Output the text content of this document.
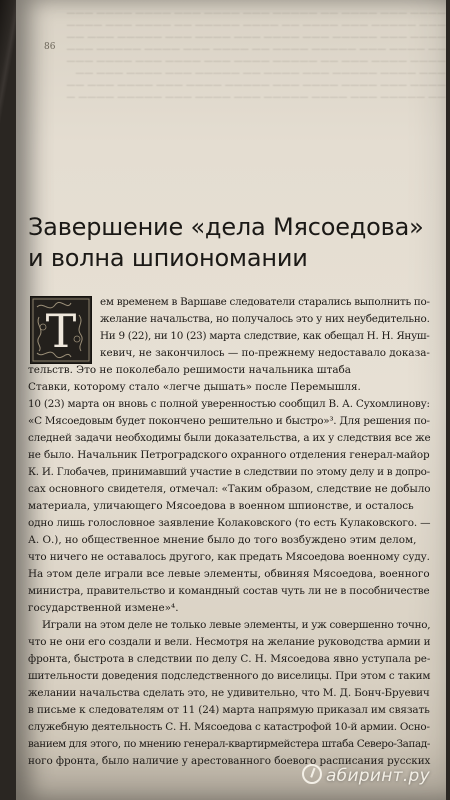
———— ——— ———— —— ————— ——— ———— ——— ———— ———— ———
——— ————— ——— ———— —— ———— ————— —— ———— ——— ————
———— ——— ————— ——— ———— ——— ———— ——— ————— ——— ——
—— ———— ——— ————— ———— —— ———— ——— ———— ————— ———
———— ———— ——— —— ————— ———— ——— ———— ——— ———— ———
——— ———— ————— ——— ———— —— ————— ——— ———— ——— ——
———— ——— ———— ———— ——— ————— ———— ——— ———— ——— ——
—— ————— ——— ———— ————— ——— ———— ——— ————— ———— —
86
Завершение «дела Мясоедова»
и волна шпиономании
Т
ем временем в Варшаве следователи старались выполнить по-
желание начальства, но получалось это у них неубедительно.
Ни 9 (22), ни 10 (23) марта следствие, как обещал Н. Н. Януш-
кевич, не закончилось — по-прежнему недоставало доказа-
тельств. Это не поколебало решимости начальника штаба
Ставки, которому стало «легче дышать» после Перемышля.
10 (23) марта он вновь с полной уверенностью сообщил В. А. Сухомлинову:
«С Мясоедовым будет покончено решительно и быстро»³. Для решения по-
следней задачи необходимы были доказательства, а их у следствия все же
не было. Начальник Петроградского охранного отделения генерал-майор
К. И. Глобачев, принимавший участие в следствии по этому делу и в допро-
сах основного свидетеля, отмечал: «Таким образом, следствие не добыло
материала, уличающего Мясоедова в военном шпионстве, и осталось
одно лишь голословное заявление Колаковского (то есть Кулаковского. —
А. О.), но общественное мнение было до того возбуждено этим делом,
что ничего не оставалось другого, как предать Мясоедова военному суду.
На этом деле играли все левые элементы, обвиняя Мясоедова, военного
министра, правительство и командный состав чуть ли не в пособничестве
государственной измене»⁴.
Играли на этом деле не только левые элементы, и уж совершенно точно,
что не они его создали и вели. Несмотря на желание руководства армии и
фронта, быстрота в следствии по делу С. Н. Мясоедова явно уступала ре-
шительности доведения подследственного до виселицы. При этом с таким
желании начальства сделать это, не удивительно, что М. Д. Бонч-Бруевич
в письме к следователям от 11 (24) марта напрямую приказал им связать
служебную деятельность С. Н. Мясоедова с катастрофой 10-й армии. Осно-
ванием для этого, по мнению генерал-квартирмейстера штаба Северо-Запад-
ного фронта, было наличие у арестованного боевого расписания русских
абиринт.ру
